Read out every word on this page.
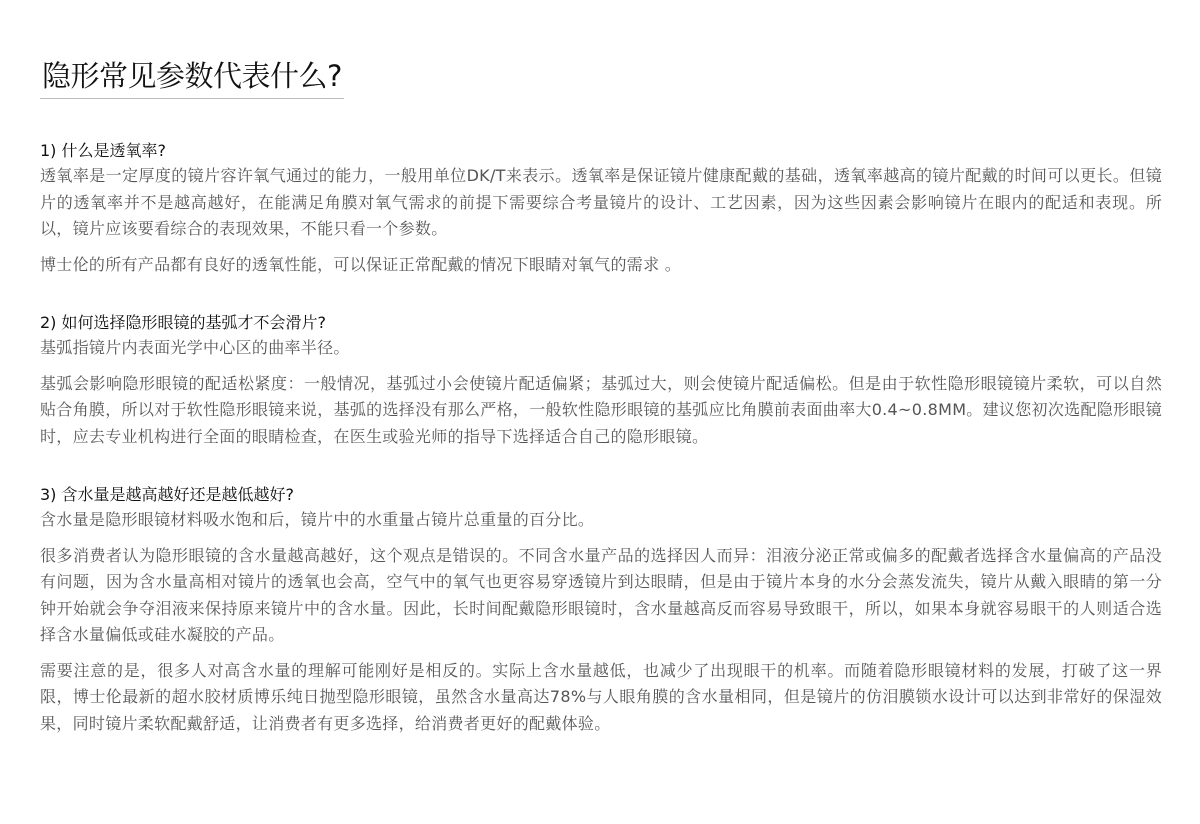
隐形常见参数代表什么?
1) 什么是透氧率?

透氧率是一定厚度的镜片容许氧气通过的能力，一般用单位DK/T来表示。透氧率是保证镜片健康配戴的基础，透氧率越高的镜片配戴的时间可以更长。但镜片的透氧率并不是越高越好，在能满足角膜对氧气需求的前提下需要综合考量镜片的设计、工艺因素，因为这些因素会影响镜片在眼内的配适和表现。所以，镜片应该要看综合的表现效果，不能只看一个参数。

博士伦的所有产品都有良好的透氧性能，可以保证正常配戴的情况下眼睛对氧气的需求 。

2) 如何选择隐形眼镜的基弧才不会滑片?

基弧指镜片内表面光学中心区的曲率半径。

基弧会影响隐形眼镜的配适松紧度：一般情况，基弧过小会使镜片配适偏紧；基弧过大，则会使镜片配适偏松。但是由于软性隐形眼镜镜片柔软，可以自然贴合角膜，所以对于软性隐形眼镜来说，基弧的选择没有那么严格，一般软性隐形眼镜的基弧应比角膜前表面曲率大0.4~0.8MM。建议您初次选配隐形眼镜时，应去专业机构进行全面的眼睛检查，在医生或验光师的指导下选择适合自己的隐形眼镜。

3) 含水量是越高越好还是越低越好?

含水量是隐形眼镜材料吸水饱和后，镜片中的水重量占镜片总重量的百分比。

很多消费者认为隐形眼镜的含水量越高越好，这个观点是错误的。不同含水量产品的选择因人而异：泪液分泌正常或偏多的配戴者选择含水量偏高的产品没有问题，因为含水量高相对镜片的透氧也会高，空气中的氧气也更容易穿透镜片到达眼睛，但是由于镜片本身的水分会蒸发流失，镜片从戴入眼睛的第一分钟开始就会争夺泪液来保持原来镜片中的含水量。因此，长时间配戴隐形眼镜时，含水量越高反而容易导致眼干，所以，如果本身就容易眼干的人则适合选择含水量偏低或硅水凝胶的产品。

需要注意的是，很多人对高含水量的理解可能刚好是相反的。实际上含水量越低，也减少了出现眼干的机率。而随着隐形眼镜材料的发展，打破了这一界限，博士伦最新的超水胶材质博乐纯日抛型隐形眼镜，虽然含水量高达78%与人眼角膜的含水量相同，但是镜片的仿泪膜锁水设计可以达到非常好的保湿效果，同时镜片柔软配戴舒适，让消费者有更多选择，给消费者更好的配戴体验。
